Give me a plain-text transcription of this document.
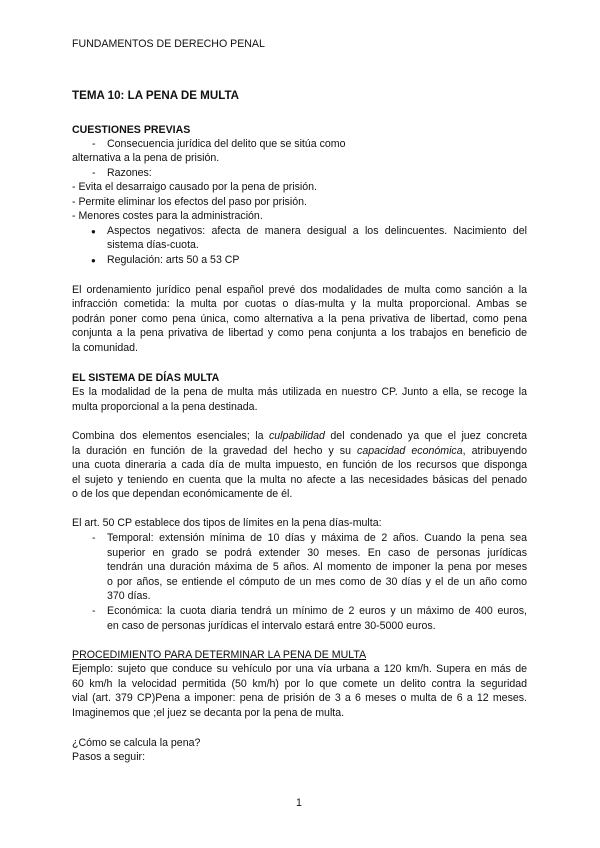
FUNDAMENTOS DE DERECHO PENAL
TEMA 10: LA PENA DE MULTA
CUESTIONES PREVIAS
- Consecuencia jurídica del delito que se sitúa como
alternativa a la pena de prisión.
- Razones:
- Evita el desarraigo causado por la pena de prisión.
- Permite eliminar los efectos del paso por prisión.
- Menores costes para la administración.
● Aspectos negativos: afecta de manera desigual a los delincuentes. Nacimiento del
sistema días-cuota.
● Regulación: arts 50 a 53 CP
El ordenamiento jurídico penal español prevé dos modalidades de multa como sanción a la
infracción cometida: la multa por cuotas o días-multa y la multa proporcional. Ambas se
podrán poner como pena única, como alternativa a la pena privativa de libertad, como pena
conjunta a la pena privativa de libertad y como pena conjunta a los trabajos en beneficio de
la comunidad.
EL SISTEMA DE DÍAS MULTA
Es la modalidad de la pena de multa más utilizada en nuestro CP. Junto a ella, se recoge la
multa proporcional a la pena destinada.
Combina dos elementos esenciales; la culpabilidad del condenado ya que el juez concreta
la duración en función de la gravedad del hecho y su capacidad económica, atribuyendo
una cuota dineraria a cada día de multa impuesto, en función de los recursos que disponga
el sujeto y teniendo en cuenta que la multa no afecte a las necesidades básicas del penado
o de los que dependan económicamente de él.
El art. 50 CP establece dos tipos de límites en la pena días-multa:
- Temporal: extensión mínima de 10 días y máxima de 2 años. Cuando la pena sea
superior en grado se podrá extender 30 meses. En caso de personas jurídicas
tendrán una duración máxima de 5 años. Al momento de imponer la pena por meses
o por años, se entiende el cómputo de un mes como de 30 días y el de un año como
370 días.
- Económica: la cuota diaria tendrá un mínimo de 2 euros y un máximo de 400 euros,
en caso de personas jurídicas el intervalo estará entre 30-5000 euros.
PROCEDIMIENTO PARA DETERMINAR LA PENA DE MULTA
Ejemplo: sujeto que conduce su vehículo por una vía urbana a 120 km/h. Supera en más de
60 km/h la velocidad permitida (50 km/h) por lo que comete un delito contra la seguridad
vial (art. 379 CP)Pena a imponer: pena de prisión de 3 a 6 meses o multa de 6 a 12 meses.
Imaginemos que ;el juez se decanta por la pena de multa.
¿Cómo se calcula la pena?
Pasos a seguir:
1
